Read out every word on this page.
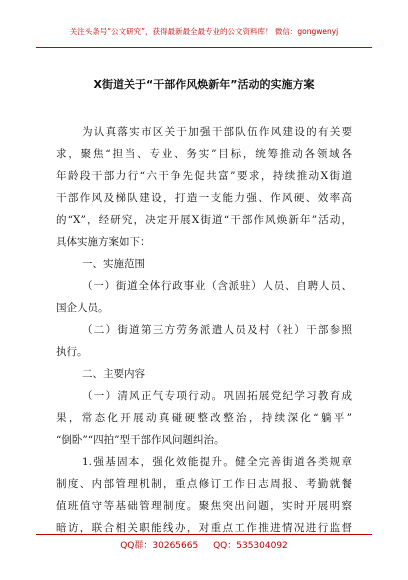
关注头条号“公文研究”，获得最新最全最专业的公文资料库！ 微信：gongwenyj
X街道关于“干部作风焕新年”活动的实施方案
为认真落实市区关于加强干部队伍作风建设的有关要
求，聚焦“担当、专业、务实”目标，统筹推动各领域各
年龄段干部力行“六干争先促共富”要求，持续推动X街道
干部作风及梯队建设，打造一支能力强、作风硬、效率高
的“X”，经研究，决定开展X街道“干部作风焕新年”活动，
具体实施方案如下：
一、实施范围
（一）街道全体行政事业（含派驻）人员、自聘人员、
国企人员。
（二）街道第三方劳务派遣人员及村（社）干部参照
执行。
二、主要内容
（一）清风正气专项行动。巩固拓展党纪学习教育成
果，常态化开展动真碰硬整改整治，持续深化“躺平”
“倒卧”“四拍”型干部作风问题纠治。
1.强基固本，强化效能提升。健全完善街道各类规章
制度、内部管理机制，重点修订工作日志周报、考勤就餐
值班值守等基础管理制度。聚焦突出问题，实时开展明察
暗访，联合相关职能线办，对重点工作推进情况进行监督
QQ群：30265665 QQ：535304092
